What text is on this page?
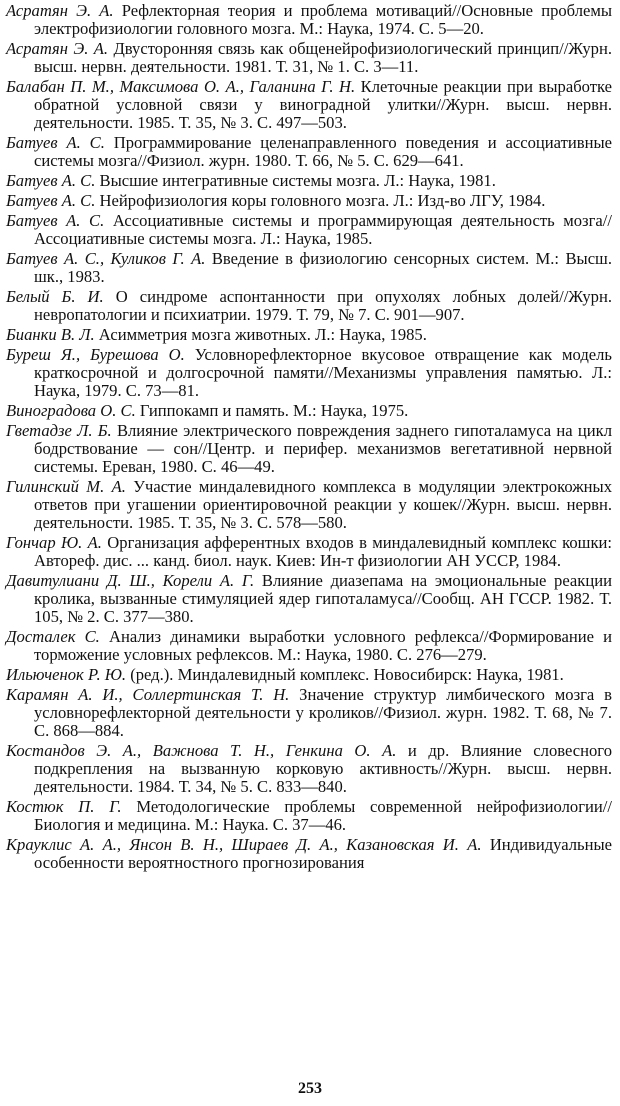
Асратян Э. А. Рефлекторная теория и проблема мотиваций//Основные проблемы электрофизиологии головного мозга. М.: Наука, 1974. С. 5—20.

Асратян Э. А. Двусторонняя связь как общенейрофизиологический принцип//Журн. высш. нервн. деятельности. 1981. Т. 31, № 1. С. 3—11.

Балабан П. М., Максимова О. А., Галанина Г. Н. Клеточные реакции при выработке обратной условной связи у виноградной улитки//Журн. высш. нервн. деятельности. 1985. Т. 35, № 3. С. 497—503.

Батуев А. С. Программирование целенаправленного поведения и ассоциативные системы мозга//Физиол. журн. 1980. Т. 66, № 5. С. 629—641.

Батуев А. С. Высшие интегративные системы мозга. Л.: Наука, 1981.

Батуев А. С. Нейрофизиология коры головного мозга. Л.: Изд-во ЛГУ, 1984.

Батуев А. С. Ассоциативные системы и программирующая деятельность мозга//Ассоциативные системы мозга. Л.: Наука, 1985.

Батуев А. С., Куликов Г. А. Введение в физиологию сенсорных систем. М.: Высш. шк., 1983.

Белый Б. И. О синдроме аспонтанности при опухолях лобных долей//Журн. невропатологии и психиатрии. 1979. Т. 79, № 7. С. 901—907.

Бианки В. Л. Асимметрия мозга животных. Л.: Наука, 1985.

Буреш Я., Бурешова О. Условнорефлекторное вкусовое отвращение как модель краткосрочной и долгосрочной памяти//Механизмы управления памятью. Л.: Наука, 1979. С. 73—81.

Виноградова О. С. Гиппокамп и память. М.: Наука, 1975.

Гветадзе Л. Б. Влияние электрического повреждения заднего гипоталамуса на цикл бодрствование — сон//Центр. и перифер. механизмов вегетативной нервной системы. Ереван, 1980. С. 46—49.

Гилинский М. А. Участие миндалевидного комплекса в модуляции электрокожных ответов при угашении ориентировочной реакции у кошек//Журн. высш. нервн. деятельности. 1985. Т. 35, № 3. С. 578—580.

Гончар Ю. А. Организация афферентных входов в миндалевидный комплекс кошки: Автореф. дис. ... канд. биол. наук. Киев: Ин-т физиологии АН УССР, 1984.

Давитулиани Д. Ш., Корели А. Г. Влияние диазепама на эмоциональные реакции кролика, вызванные стимуляцией ядер гипоталамуса//Сообщ. АН ГССР. 1982. Т. 105, № 2. С. 377—380.

Досталек С. Анализ динамики выработки условного рефлекса//Формирование и торможение условных рефлексов. М.: Наука, 1980. С. 276—279.

Ильюченок Р. Ю. (ред.). Миндалевидный комплекс. Новосибирск: Наука, 1981.

Карамян А. И., Соллертинская Т. Н. Значение структур лимбического мозга в условнорефлекторной деятельности у кроликов//Физиол. журн. 1982. Т. 68, № 7. С. 868—884.

Костандов Э. А., Важнова Т. Н., Генкина О. А. и др. Влияние словесного подкрепления на вызванную корковую активность//Журн. высш. нервн. деятельности. 1984. Т. 34, № 5. С. 833—840.

Костюк П. Г. Методологические проблемы современной нейрофизиологии//Биология и медицина. М.: Наука. С. 37—46.

Крауклис А. А., Янсон В. Н., Шираев Д. А., Казановская И. А. Индивидуальные особенности вероятностного прогнозирования

253
